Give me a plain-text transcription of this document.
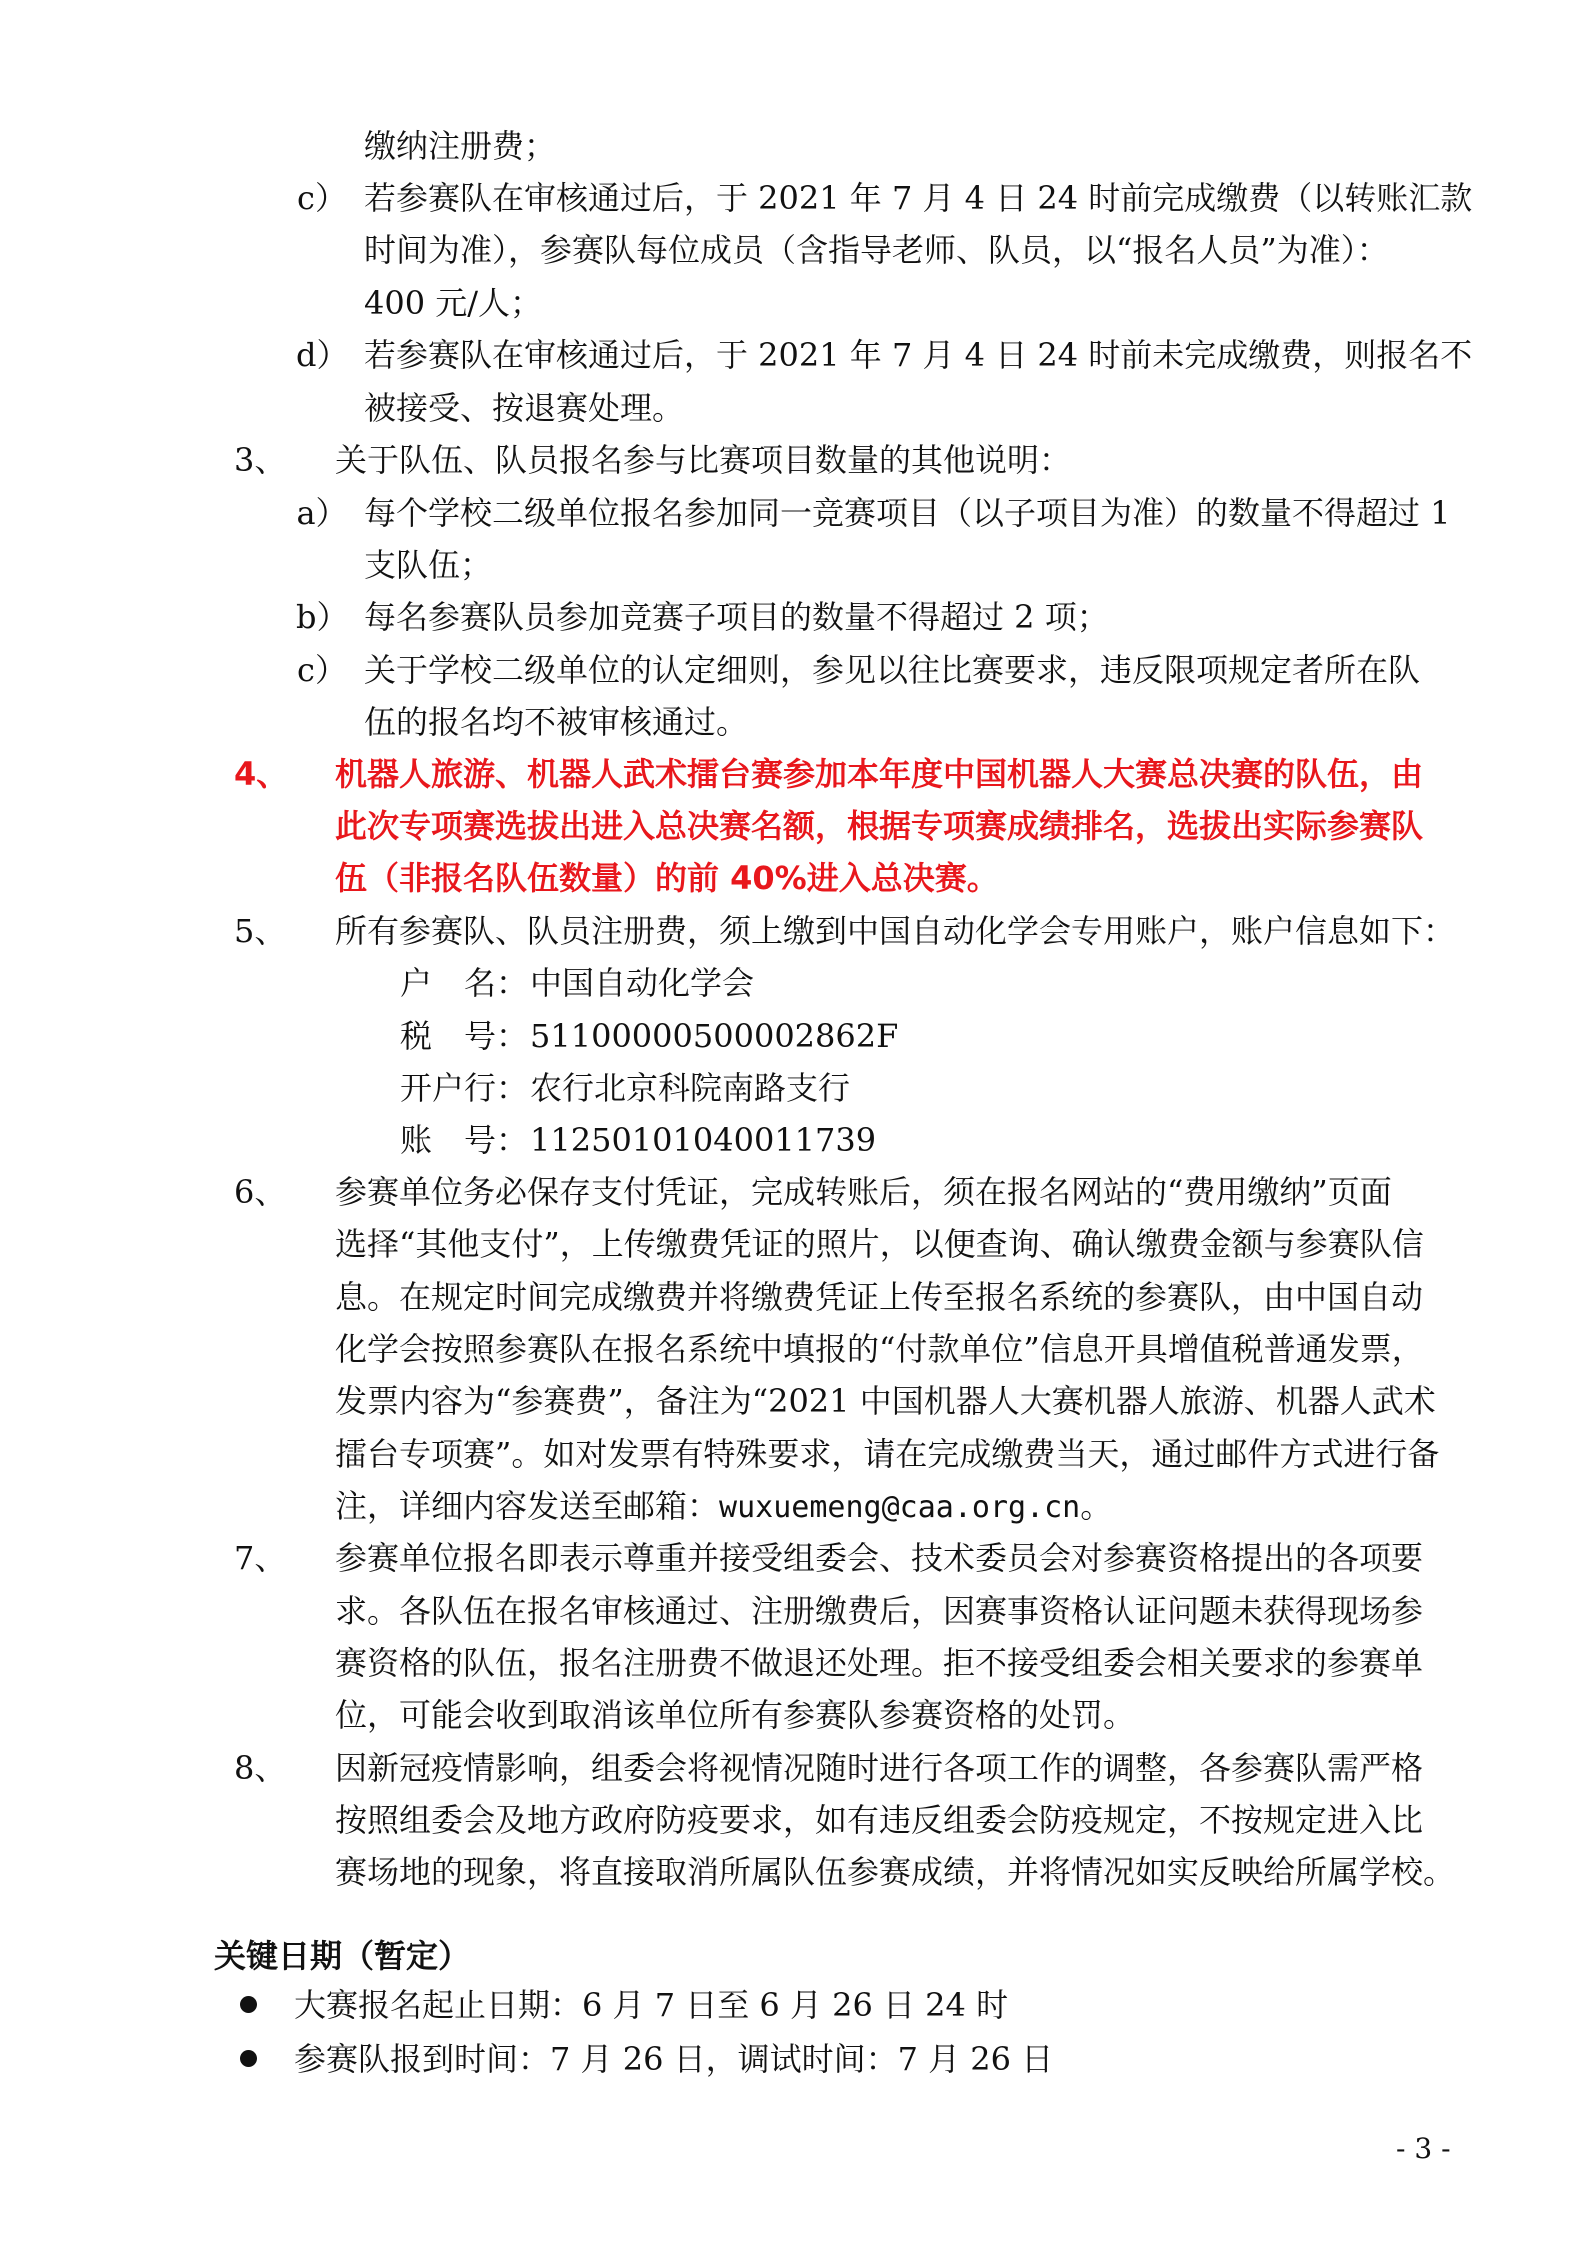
缴纳注册费；
c） 若参赛队在审核通过后，于 2021 年 7 月 4 日 24 时前完成缴费（以转账汇款
时间为准），参赛队每位成员（含指导老师、队员，以“报名人员”为准）：
400 元/人；
d） 若参赛队在审核通过后，于 2021 年 7 月 4 日 24 时前未完成缴费，则报名不
被接受、按退赛处理。
3、 关于队伍、队员报名参与比赛项目数量的其他说明：
a） 每个学校二级单位报名参加同一竞赛项目（以子项目为准）的数量不得超过 1
支队伍；
b） 每名参赛队员参加竞赛子项目的数量不得超过 2 项；
c） 关于学校二级单位的认定细则，参见以往比赛要求，违反限项规定者所在队
伍的报名均不被审核通过。
4、 机器人旅游、机器人武术擂台赛参加本年度中国机器人大赛总决赛的队伍，由
此次专项赛选拔出进入总决赛名额，根据专项赛成绩排名，选拔出实际参赛队
伍（非报名队伍数量）的前 40%进入总决赛。
5、 所有参赛队、队员注册费，须上缴到中国自动化学会专用账户，账户信息如下：
户　名： 中国自动化学会
税　号： 51100000500002862F
开户行： 农行北京科院南路支行
账　号： 11250101040011739
6、 参赛单位务必保存支付凭证，完成转账后，须在报名网站的“费用缴纳”页面
选择“其他支付”，上传缴费凭证的照片，以便查询、确认缴费金额与参赛队信
息。在规定时间完成缴费并将缴费凭证上传至报名系统的参赛队，由中国自动
化学会按照参赛队在报名系统中填报的“付款单位”信息开具增值税普通发票，
发票内容为“参赛费”，备注为“2021 中国机器人大赛机器人旅游、机器人武术
擂台专项赛”。如对发票有特殊要求，请在完成缴费当天，通过邮件方式进行备
注，详细内容发送至邮箱：wuxuemeng@caa.org.cn。
7、 参赛单位报名即表示尊重并接受组委会、技术委员会对参赛资格提出的各项要
求。各队伍在报名审核通过、注册缴费后，因赛事资格认证问题未获得现场参
赛资格的队伍，报名注册费不做退还处理。拒不接受组委会相关要求的参赛单
位，可能会收到取消该单位所有参赛队参赛资格的处罚。
8、 因新冠疫情影响，组委会将视情况随时进行各项工作的调整，各参赛队需严格
按照组委会及地方政府防疫要求，如有违反组委会防疫规定，不按规定进入比
赛场地的现象，将直接取消所属队伍参赛成绩，并将情况如实反映给所属学校。
关键日期（暂定）
大赛报名起止日期：6 月 7 日至 6 月 26 日 24 时
参赛队报到时间：7 月 26 日，调试时间：7 月 26 日
- 3 -
